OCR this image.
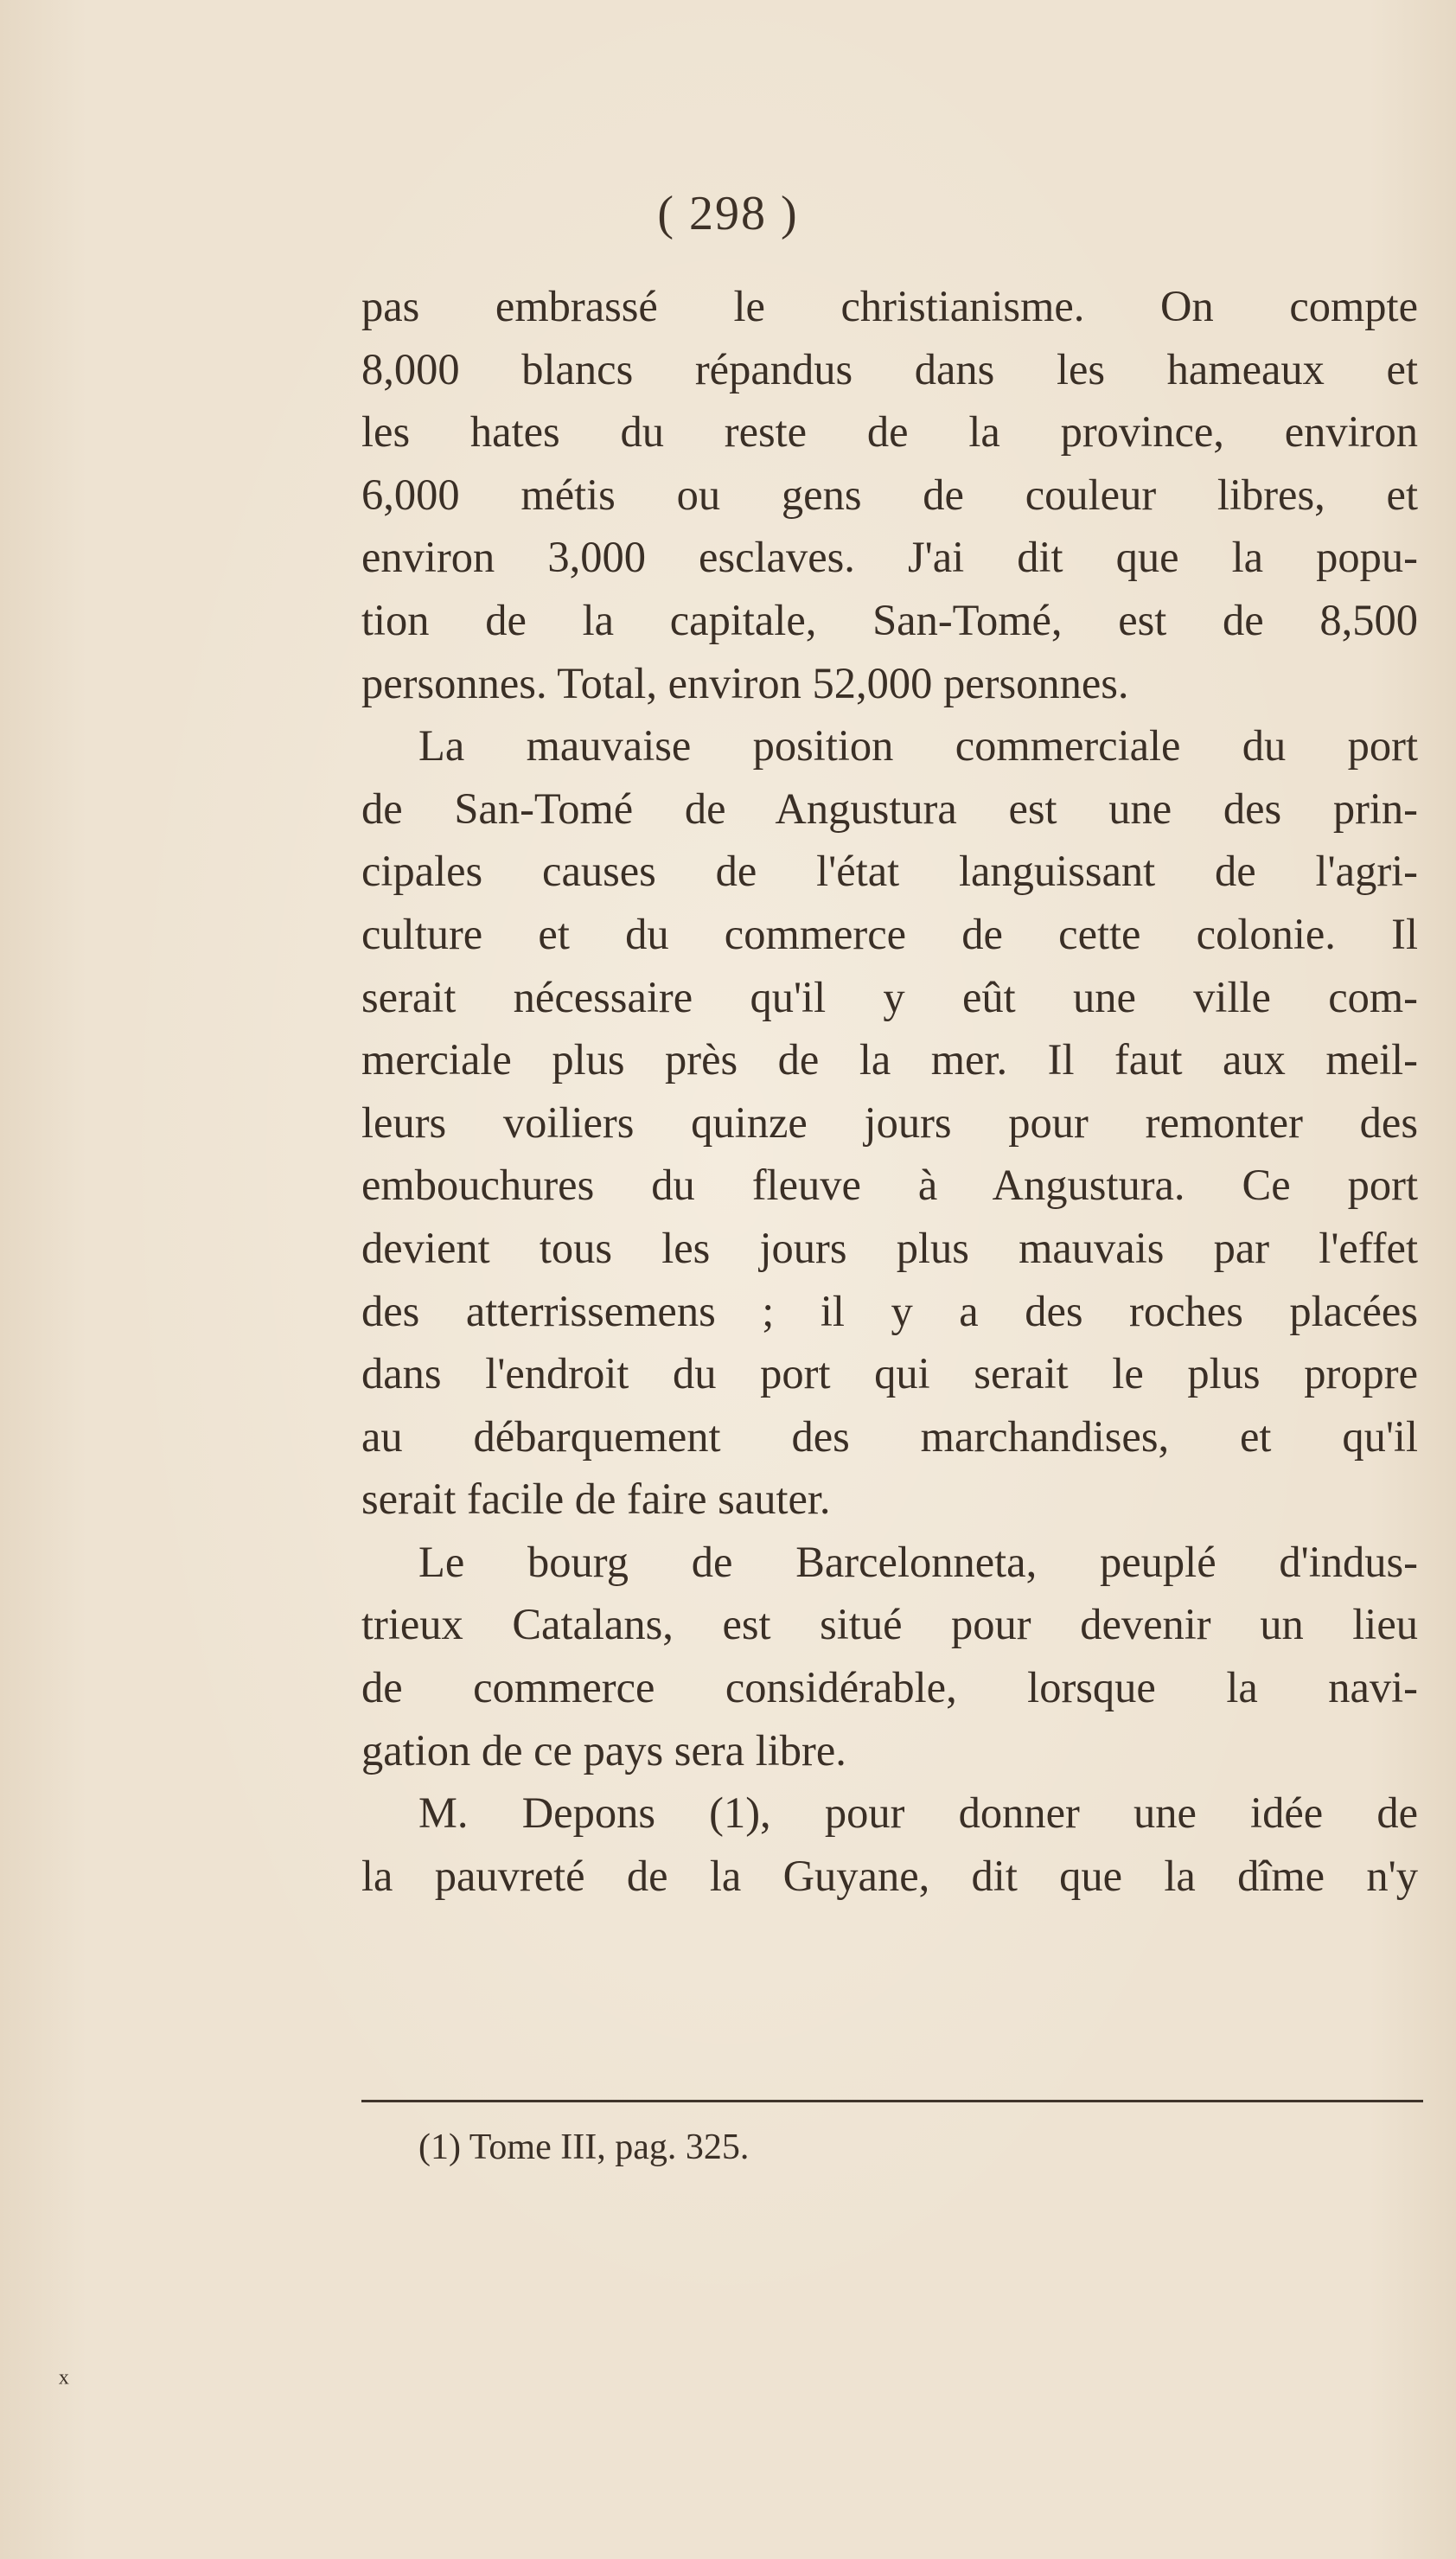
( 298 )
pas embrassé le christianisme. On compte
8,000 blancs répandus dans les hameaux et
les hates du reste de la province, environ
6,000 métis ou gens de couleur libres, et
environ 3,000 esclaves. J'ai dit que la popu-
tion de la capitale, San-Tomé, est de 8,500
personnes. Total, environ 52,000 personnes.
La mauvaise position commerciale du port
de San-Tomé de Angustura est une des prin-
cipales causes de l'état languissant de l'agri-
culture et du commerce de cette colonie. Il
serait nécessaire qu'il y eût une ville com-
merciale plus près de la mer. Il faut aux meil-
leurs voiliers quinze jours pour remonter des
embouchures du fleuve à Angustura. Ce port
devient tous les jours plus mauvais par l'effet
des atterrissemens ; il y a des roches placées
dans l'endroit du port qui serait le plus propre
au débarquement des marchandises, et qu'il
serait facile de faire sauter.
Le bourg de Barcelonneta, peuplé d'indus-
trieux Catalans, est situé pour devenir un lieu
de commerce considérable, lorsque la navi-
gation de ce pays sera libre.
M. Depons (1), pour donner une idée de
la pauvreté de la Guyane, dit que la dîme n'y
(1) Tome III, pag. 325.
ₓ
